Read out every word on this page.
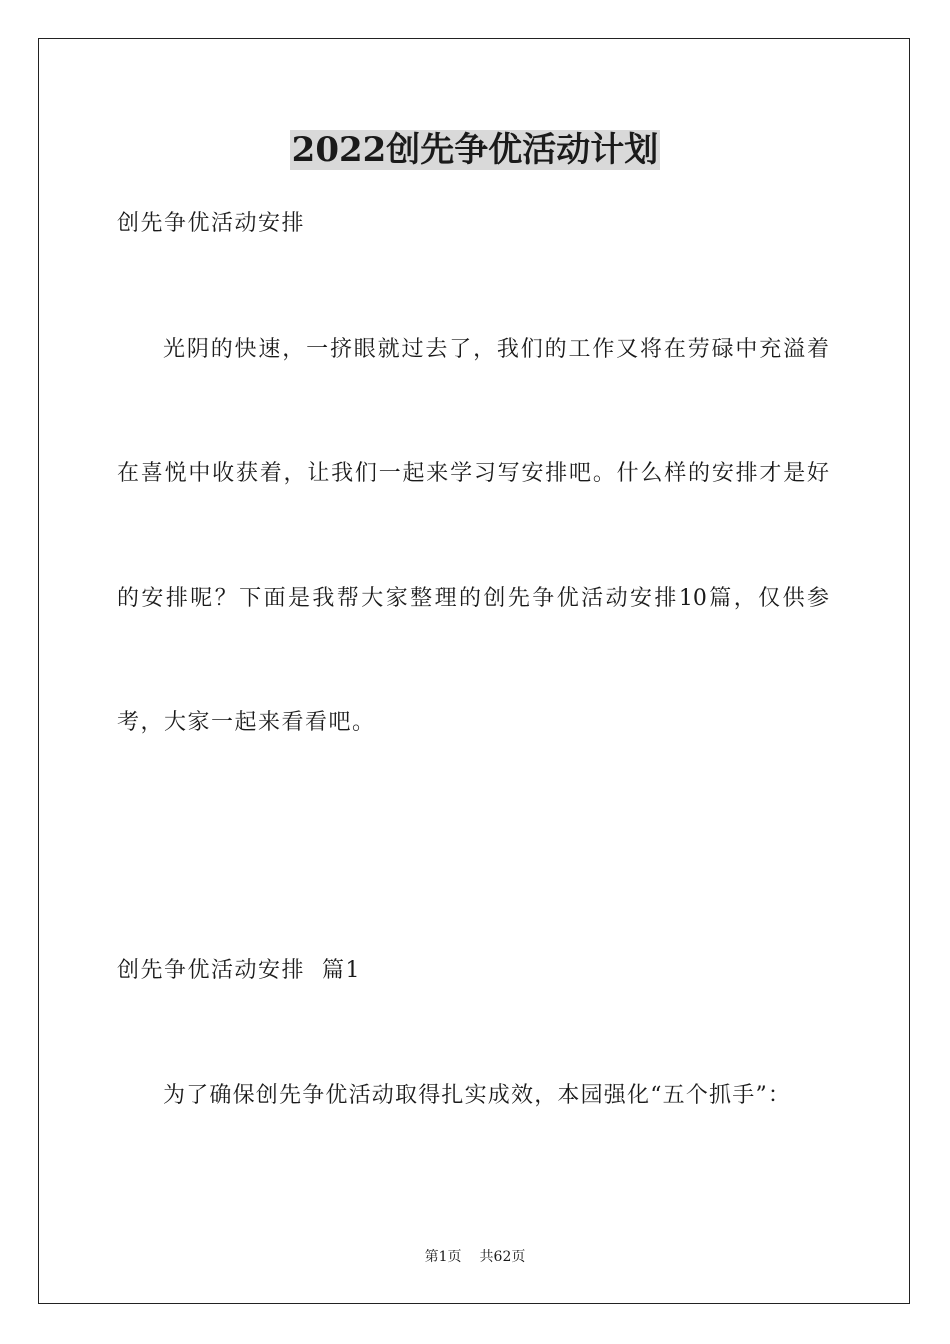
2022创先争优活动计划
创先争优活动安排
光阴的快速，一挤眼就过去了，我们的工作又将在劳碌中充溢着
在喜悦中收获着，让我们一起来学习写安排吧。什么样的安排才是好
的安排呢？下面是我帮大家整理的创先争优活动安排10篇，仅供参
考，大家一起来看看吧。
创先争优活动安排  篇1
为了确保创先争优活动取得扎实成效，本园强化“五个抓手”：
第1页 共62页
